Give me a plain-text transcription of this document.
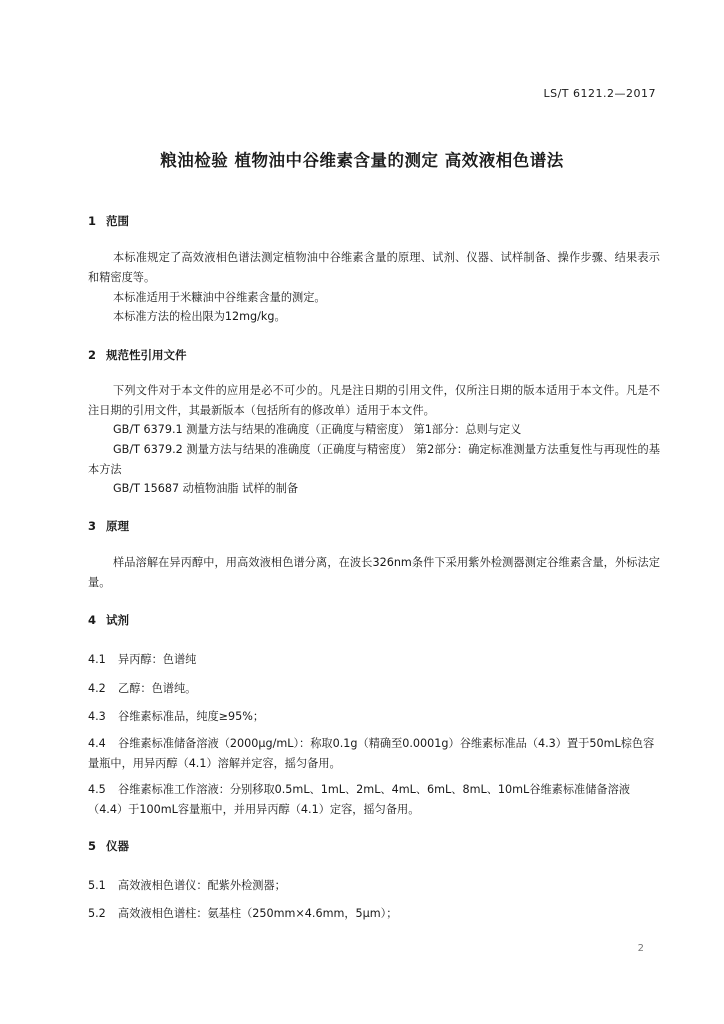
LS/T 6121.2—2017
粮油检验 植物油中谷维素含量的测定 高效液相色谱法
1 范围
本标准规定了高效液相色谱法测定植物油中谷维素含量的原理、试剂、仪器、试样制备、操作步骤、结果表示和精密度等。
本标准适用于米糠油中谷维素含量的测定。
本标准方法的检出限为12mg/kg。
2 规范性引用文件
下列文件对于本文件的应用是必不可少的。凡是注日期的引用文件，仅所注日期的版本适用于本文件。凡是不注日期的引用文件，其最新版本（包括所有的修改单）适用于本文件。
GB/T 6379.1 测量方法与结果的准确度（正确度与精密度） 第1部分：总则与定义
GB/T 6379.2 测量方法与结果的准确度（正确度与精密度） 第2部分：确定标准测量方法重复性与再现性的基本方法
GB/T 15687 动植物油脂 试样的制备
3 原理
样品溶解在异丙醇中，用高效液相色谱分离，在波长326nm条件下采用紫外检测器测定谷维素含量，外标法定量。
4 试剂
4.1 异丙醇：色谱纯
4.2 乙醇：色谱纯。
4.3 谷维素标准品，纯度≥95%；
4.4 谷维素标准储备溶液（2000μg/mL）：称取0.1g（精确至0.0001g）谷维素标准品（4.3）置于50mL棕色容量瓶中，用异丙醇（4.1）溶解并定容，摇匀备用。
4.5 谷维素标准工作溶液：分别移取0.5mL、1mL、2mL、4mL、6mL、8mL、10mL谷维素标准储备溶液（4.4）于100mL容量瓶中，并用异丙醇（4.1）定容，摇匀备用。
5 仪器
5.1 高效液相色谱仪：配紫外检测器；
5.2 高效液相色谱柱：氨基柱（250mm×4.6mm，5μm）；
2
